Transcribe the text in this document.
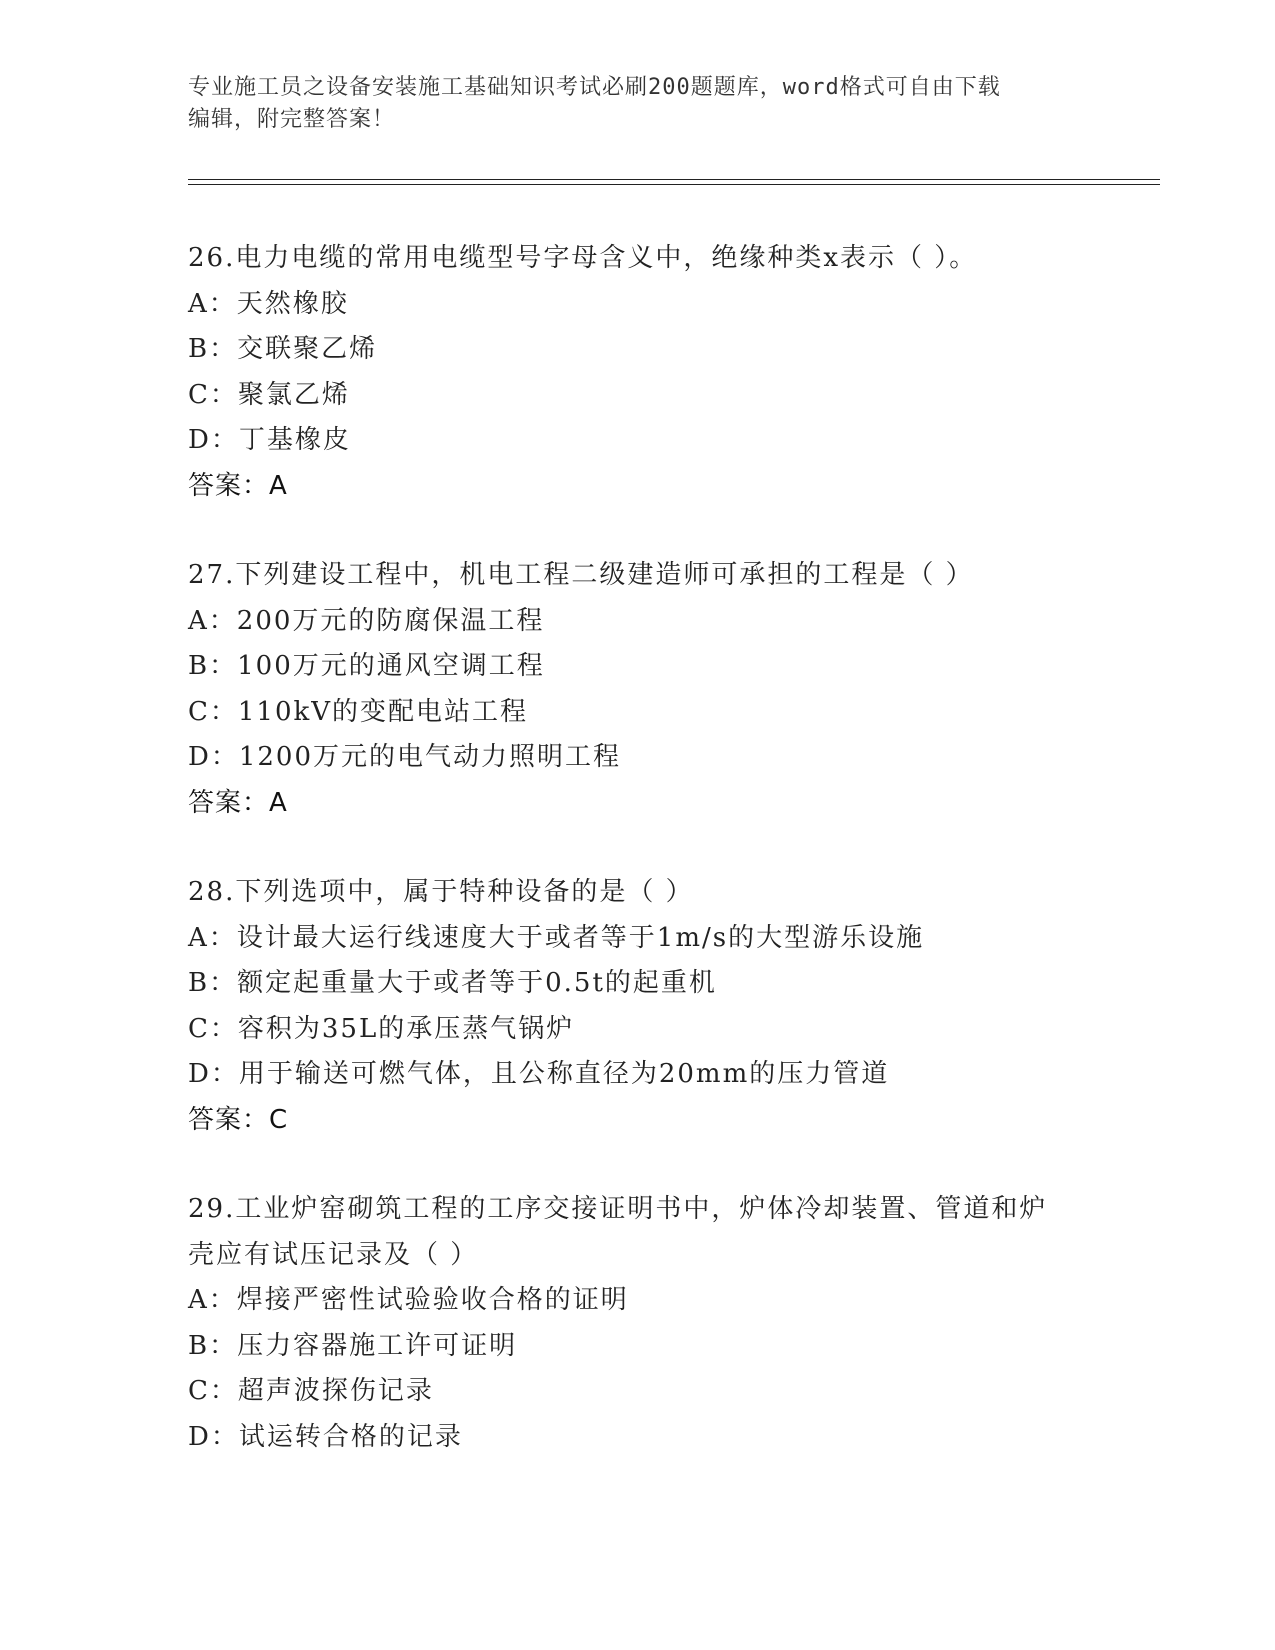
专业施工员之设备安装施工基础知识考试必刷200题题库，word格式可自由下载
编辑，附完整答案！
26.电力电缆的常用电缆型号字母含义中，绝缘种类x表示（ ）。
A：天然橡胶
B：交联聚乙烯
C：聚氯乙烯
D：丁基橡皮
答案：A
27.下列建设工程中，机电工程二级建造师可承担的工程是（ ）
A：200万元的防腐保温工程
B：100万元的通风空调工程
C：110kV的变配电站工程
D：1200万元的电气动力照明工程
答案：A
28.下列选项中，属于特种设备的是（ ）
A：设计最大运行线速度大于或者等于1m/s的大型游乐设施
B：额定起重量大于或者等于0.5t的起重机
C：容积为35L的承压蒸气锅炉
D：用于输送可燃气体，且公称直径为20mm的压力管道
答案：C
29.工业炉窑砌筑工程的工序交接证明书中，炉体冷却装置、管道和炉
壳应有试压记录及（ ）
A：焊接严密性试验验收合格的证明
B：压力容器施工许可证明
C：超声波探伤记录
D：试运转合格的记录
